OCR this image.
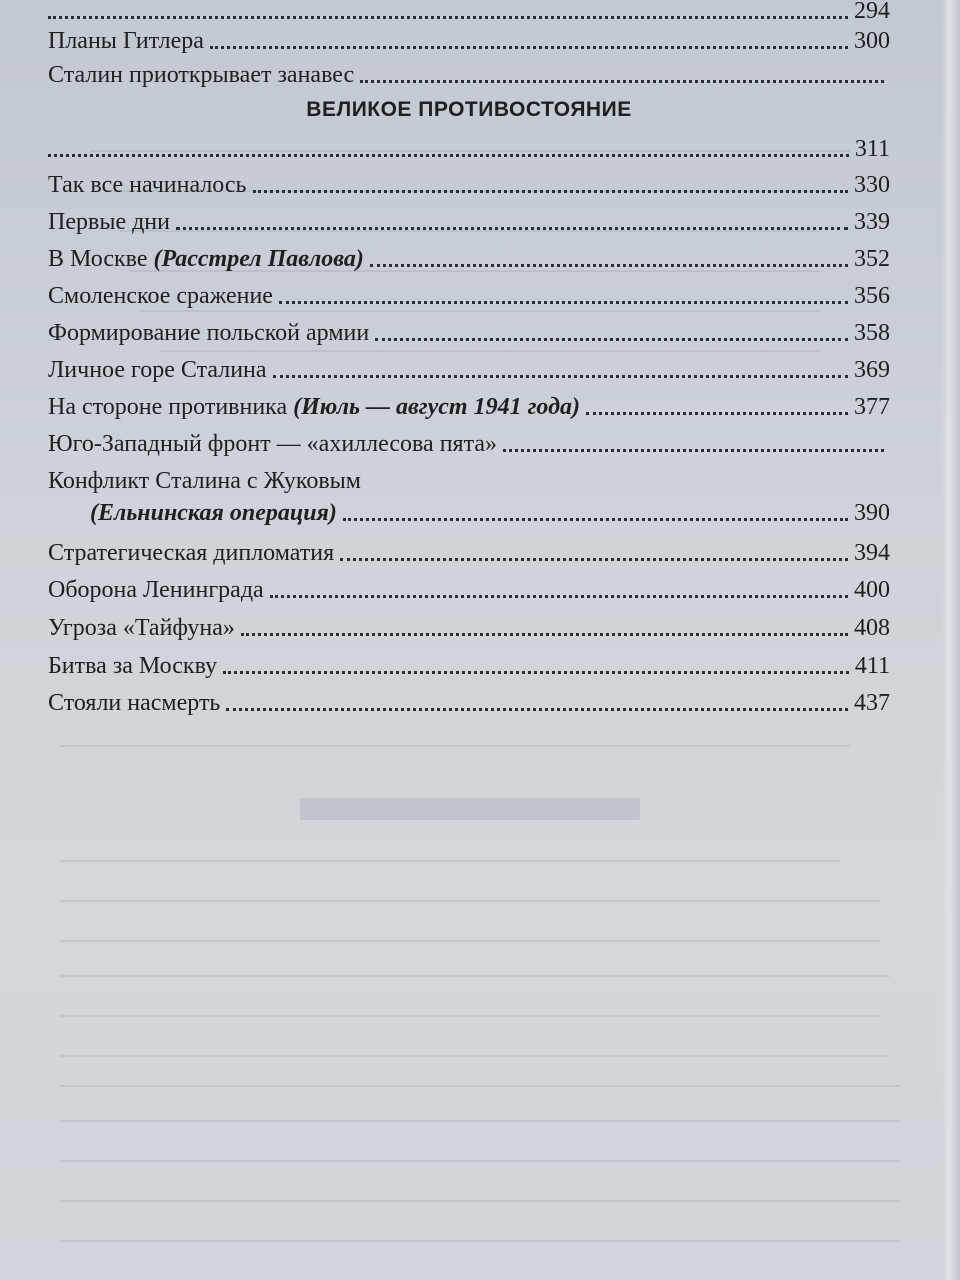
294
Планы Гитлера	300
Сталин приоткрывает занавес
ВЕЛИКОЕ ПРОТИВОСТОЯНИЕ
311
Так все начиналось	330
Первые дни	339
В Москве (Расстрел Павлова)	352
Смоленское сражение	356
Формирование польской армии	358
Личное горе Сталина	369
На стороне противника (Июль — август 1941 года)	377
Юго-Западный фронт — «ахиллесова пята»
Конфликт Сталина с Жуковым
(Ельнинская операция)	390
Стратегическая дипломатия	394
Оборона Ленинграда	400
Угроза «Тайфуна»	408
Битва за Москву	411
Стояли насмерть	437
